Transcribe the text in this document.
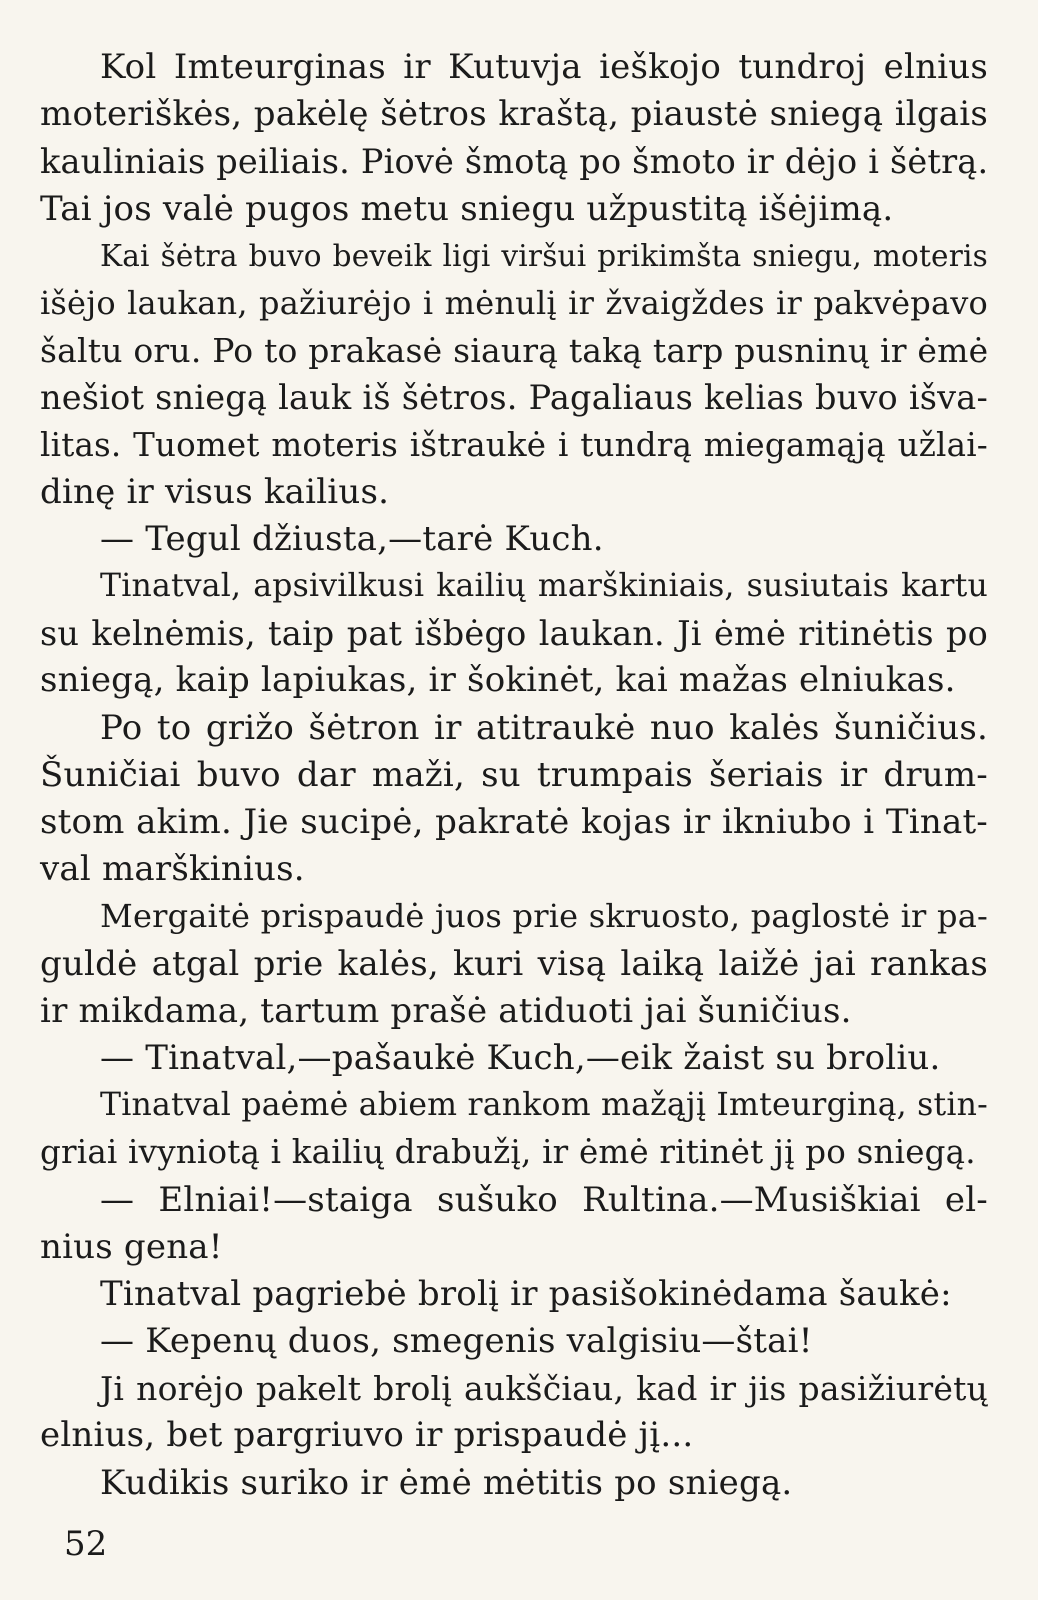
Kol Imteurginas ir Kutuvja ieškojo tundroj elnius
moteriškės, pakėlę šėtros kraštą, piaustė sniegą ilgais
kauliniais peiliais. Piovė šmotą po šmoto ir dėjo i šėtrą.
Tai jos valė pugos metu sniegu užpustitą išėjimą.
Kai šėtra buvo beveik ligi viršui prikimšta sniegu, moteris
išėjo laukan, pažiurėjo i mėnulį ir žvaigždes ir pakvėpavo
šaltu oru. Po to prakasė siaurą taką tarp pusninų ir ėmė
nešiot sniegą lauk iš šėtros. Pagaliaus kelias buvo išva-
litas. Tuomet moteris ištraukė i tundrą miegamąją užlai-
dinę ir visus kailius.
— Tegul džiusta,—tarė Kuch.
Tinatval, apsivilkusi kailių marškiniais, susiutais kartu
su kelnėmis, taip pat išbėgo laukan. Ji ėmė ritinėtis po
sniegą, kaip lapiukas, ir šokinėt, kai mažas elniukas.
Po to grižo šėtron ir atitraukė nuo kalės šuničius.
Šuničiai buvo dar maži, su trumpais šeriais ir drum-
stom akim. Jie sucipė, pakratė kojas ir ikniubo i Tinat-
val marškinius.
Mergaitė prispaudė juos prie skruosto, paglostė ir pa-
guldė atgal prie kalės, kuri visą laiką laižė jai rankas
ir mikdama, tartum prašė atiduoti jai šuničius.
— Tinatval,—pašaukė Kuch,—eik žaist su broliu.
Tinatval paėmė abiem rankom mažąjį Imteurginą, stin-
griai ivyniotą i kailių drabužį, ir ėmė ritinėt jį po sniegą.
— Elniai!—staiga sušuko Rultina.—Musiškiai el-
nius gena!
Tinatval pagriebė brolį ir pasišokinėdama šaukė:
— Kepenų duos, smegenis valgisiu—štai!
Ji norėjo pakelt brolį aukščiau, kad ir jis pasižiurėtų
elnius, bet pargriuvo ir prispaudė jį...
Kudikis suriko ir ėmė mėtitis po sniegą.
52
